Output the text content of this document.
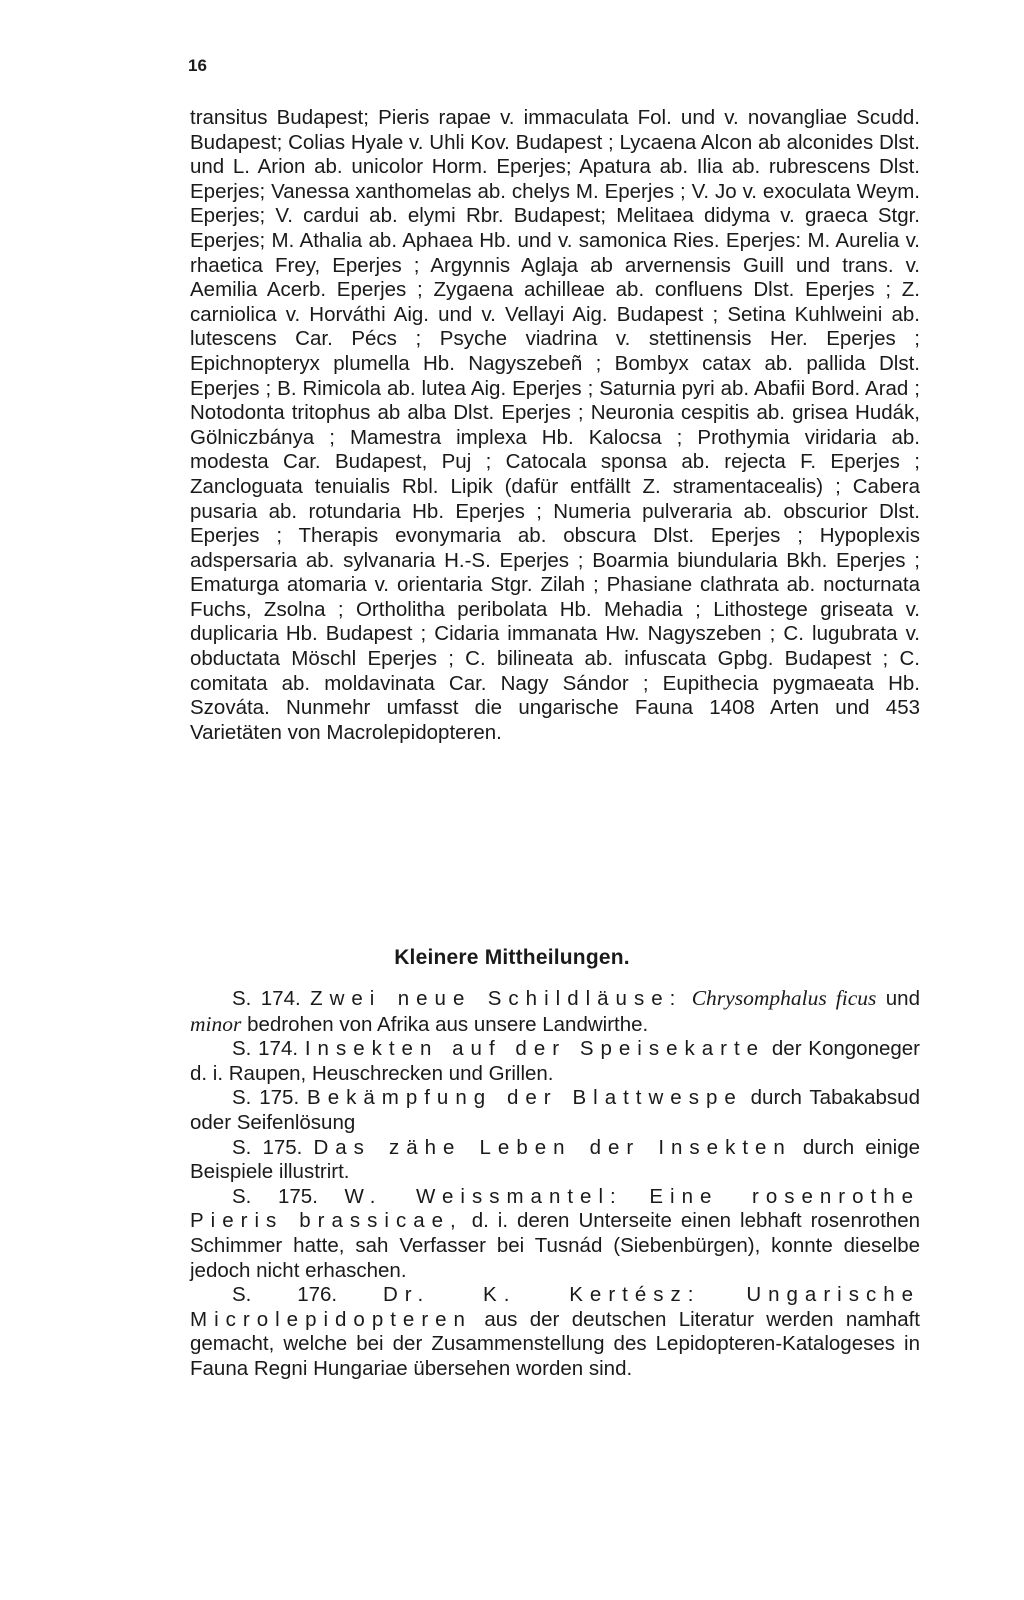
16
transitus Budapest; Pieris rapae v. immaculata Fol. und v. novangliae Scudd. Budapest; Colias Hyale v. Uhli Kov. Budapest ; Lycaena Alcon ab alconides Dlst. und L. Arion ab. unicolor Horm. Eperjes; Apatura ab. Ilia ab. rubrescens Dlst. Eperjes; Vanessa xanthomelas ab. chelys M. Eperjes ; V. Jo v. exoculata Weym. Eperjes; V. cardui ab. elymi Rbr. Budapest; Melitaea didyma v. graeca Stgr. Eperjes; M. Athalia ab. Aphaea Hb. und v. samonica Ries. Eperjes: M. Aurelia v. rhaetica Frey, Eperjes ; Argynnis Aglaja ab arvernensis Guill und trans. v. Aemilia Acerb. Eperjes ; Zygaena achilleae ab. confluens Dlst. Eperjes ; Z. carniolica v. Horváthi Aig. und v. Vellayi Aig. Budapest ; Setina Kuhlweini ab. lutescens Car. Pécs ; Psyche viadrina v. stettinensis Her. Eperjes ; Epichnopteryx plumella Hb. Nagyszebeñ ; Bombyx catax ab. pallida Dlst. Eperjes ; B. Rimicola ab. lutea Aig. Eperjes ; Saturnia pyri ab. Abafii Bord. Arad ; Notodonta tritophus ab alba Dlst. Eperjes ; Neuronia cespitis ab. grisea Hudák, Gölniczbánya ; Mamestra implexa Hb. Kalocsa ; Prothymia viridaria ab. modesta Car. Budapest, Puj ; Catocala sponsa ab. rejecta F. Eperjes ; Zancloguata tenuialis Rbl. Lipik (dafür entfällt Z. stramentacealis) ; Cabera pusaria ab. rotundaria Hb. Eperjes ; Numeria pulveraria ab. obscurior Dlst. Eperjes ; Therapis evonymaria ab. obscura Dlst. Eperjes ; Hypoplexis adspersaria ab. sylvanaria H.-S. Eperjes ; Boarmia biundularia Bkh. Eperjes ; Ematurga atomaria v. orientaria Stgr. Zilah ; Phasiane clathrata ab. nocturnata Fuchs, Zsolna ; Ortholitha peribolata Hb. Mehadia ; Lithostege griseata v. duplicaria Hb. Budapest ; Cidaria immanata Hw. Nagyszeben ; C. lugubrata v. obductata Möschl Eperjes ; C. bilineata ab. infuscata Gpbg. Budapest ; C. comitata ab. moldavinata Car. Nagy Sándor ; Eupithecia pygmaeata Hb. Szováta. Nunmehr umfasst die ungarische Fauna 1408 Arten und 453 Varietäten von Macrolepidopteren.
Kleinere Mittheilungen.

S. 174. Zwei neue Schildläuse: Chrysomphalus ficus und minor bedrohen von Afrika aus unsere Landwirthe.

S. 174. Insekten auf der Speisekarte der Kongoneger d. i. Raupen, Heuschrecken und Grillen.

S. 175. Bekämpfung der Blattwespe durch Tabakabsud oder Seifenlösung

S. 175. Das zähe Leben der Insekten durch einige Beispiele illustrirt.

S. 175. W. Weissmantel: Eine rosenrothe Pieris brassicae, d. i. deren Unterseite einen lebhaft rosenrothen Schimmer hatte, sah Verfasser bei Tusnád (Siebenbürgen), konnte dieselbe jedoch nicht erhaschen.

S. 176. Dr. K. Kertész: Ungarische Microlepidopteren aus der deutschen Literatur werden namhaft gemacht, welche bei der Zusammenstellung des Lepidopteren-Katalogeses in Fauna Regni Hungariae übersehen worden sind.
